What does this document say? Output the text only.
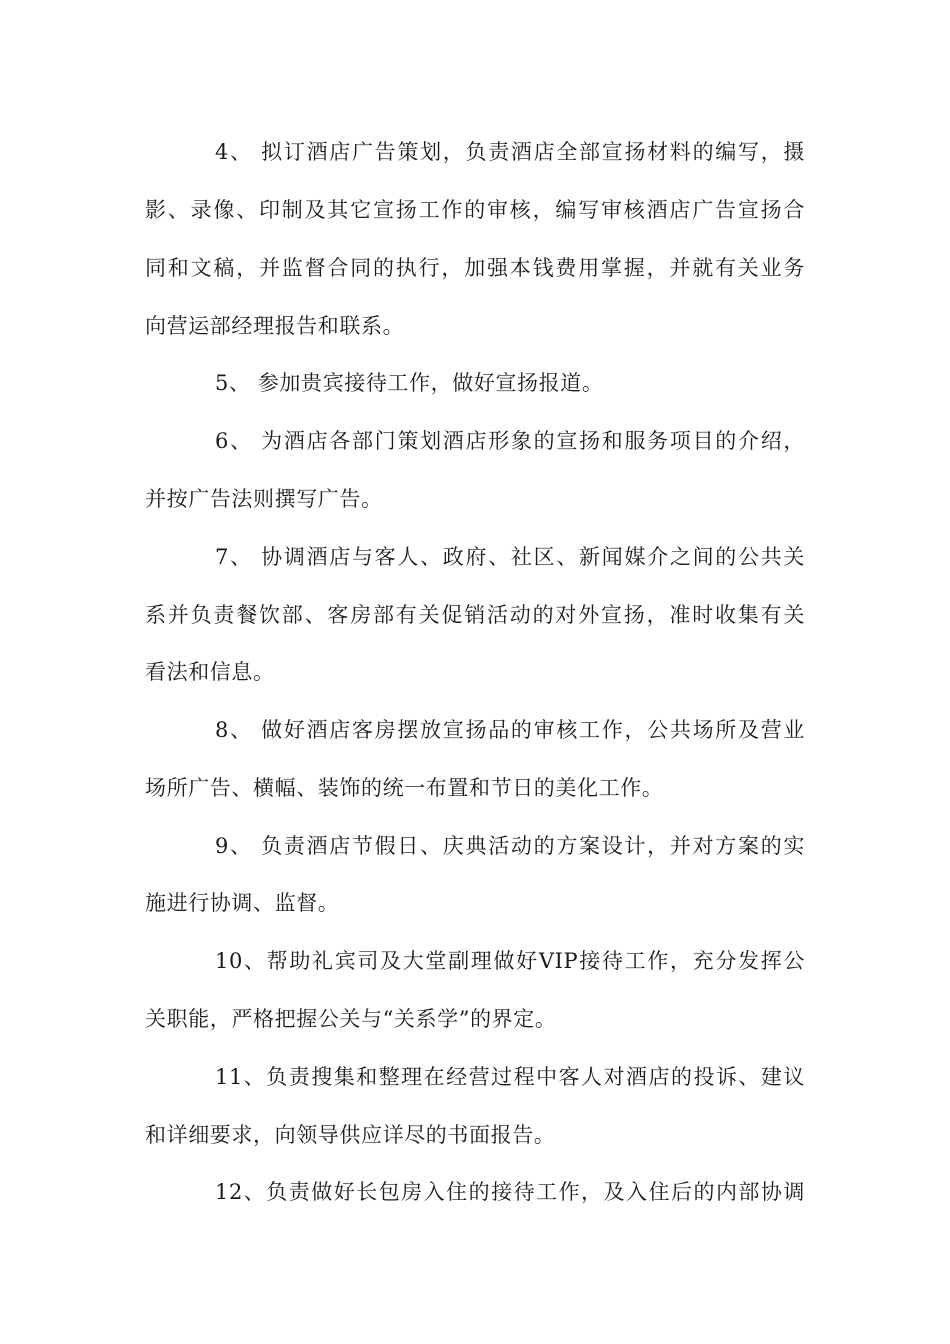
4、 拟订酒店广告策划，负责酒店全部宣扬材料的编写，摄
影、录像、印制及其它宣扬工作的审核，编写审核酒店广告宣扬合
同和文稿，并监督合同的执行，加强本钱费用掌握，并就有关业务
向营运部经理报告和联系。
5、 参加贵宾接待工作，做好宣扬报道。
6、 为酒店各部门策划酒店形象的宣扬和服务项目的介绍，
并按广告法则撰写广告。
7、 协调酒店与客人、政府、社区、新闻媒介之间的公共关
系并负责餐饮部、客房部有关促销活动的对外宣扬，准时收集有关
看法和信息。
8、 做好酒店客房摆放宣扬品的审核工作，公共场所及营业
场所广告、横幅、装饰的统一布置和节日的美化工作。
9、 负责酒店节假日、庆典活动的方案设计，并对方案的实
施进行协调、监督。
10、帮助礼宾司及大堂副理做好VIP接待工作，充分发挥公
关职能，严格把握公关与“关系学”的界定。
11、负责搜集和整理在经营过程中客人对酒店的投诉、建议
和详细要求，向领导供应详尽的书面报告。
12、负责做好长包房入住的接待工作，及入住后的内部协调
